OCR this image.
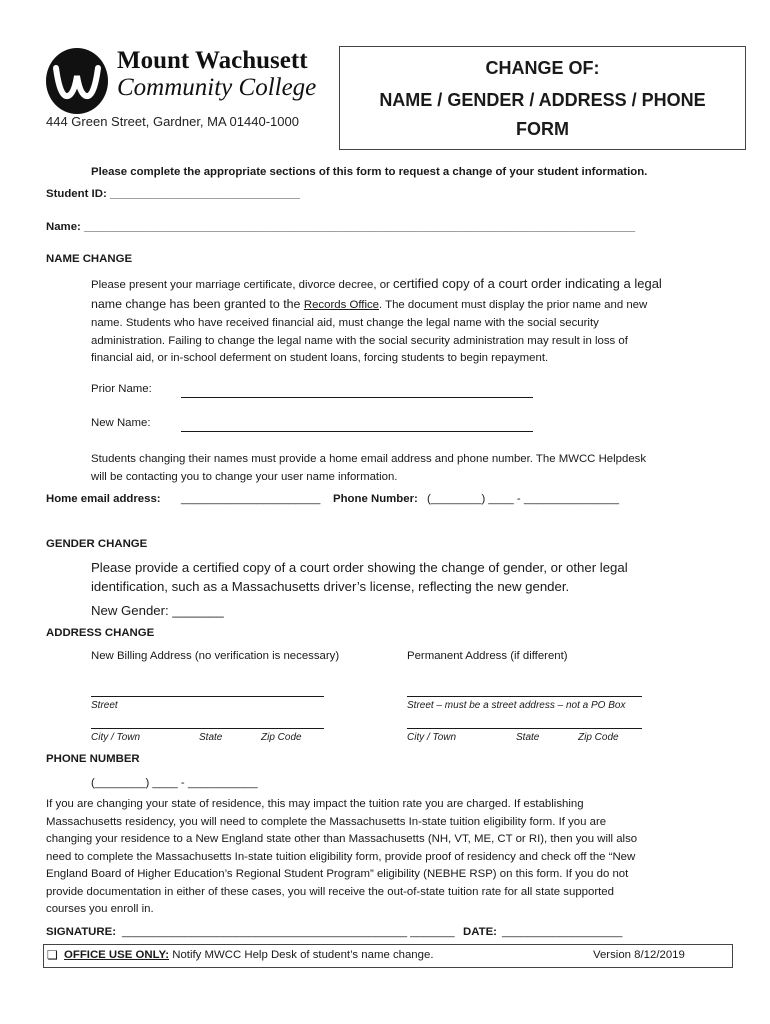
Mount Wachusett
Community College
444 Green Street, Gardner, MA 01440-1000
CHANGE OF:
NAME / GENDER / ADDRESS / PHONE
FORM
Please complete the appropriate sections of this form to request a change of your student information.
Student ID: ______________________________
Name: _______________________________________________________________________________________
NAME CHANGE
Please present your marriage certificate, divorce decree, or certified copy of a court order indicating a legal
name change has been granted to the Records Office. The document must display the prior name and new
name. Students who have received financial aid, must change the legal name with the social security
administration. Failing to change the legal name with the social security administration may result in loss of
financial aid, or in-school deferment on student loans, forcing students to begin repayment.
Prior Name:
New Name:
Students changing their names must provide a home email address and phone number. The MWCC Helpdesk
will be contacting you to change your user name information.
Home email address: ______________________ Phone Number: (________) ____ - _______________
GENDER CHANGE
Please provide a certified copy of a court order showing the change of gender, or other legal
identification, such as a Massachusetts driver’s license, reflecting the new gender.
New Gender: _______
ADDRESS CHANGE
New Billing Address (no verification is necessary)	Permanent Address (if different)
Street	Street – must be a street address – not a PO Box
City / Town	State	Zip Code	City / Town	State	Zip Code
PHONE NUMBER
(________) ____ - ___________
If you are changing your state of residence, this may impact the tuition rate you are charged. If establishing
Massachusetts residency, you will need to complete the Massachusetts In-state tuition eligibility form. If you are
changing your residence to a New England state other than Massachusetts (NH, VT, ME, CT or RI), then you will also
need to complete the Massachusetts In-state tuition eligibility form, provide proof of residency and check off the “New
England Board of Higher Education’s Regional Student Program” eligibility (NEBHE RSP) on this form. If you do not
provide documentation in either of these cases, you will receive the out-of-state tuition rate for all state supported
courses you enroll in.
SIGNATURE: _____________________________________________ _______ DATE: ___________________
❏ OFFICE USE ONLY: Notify MWCC Help Desk of student’s name change.	Version 8/12/2019
